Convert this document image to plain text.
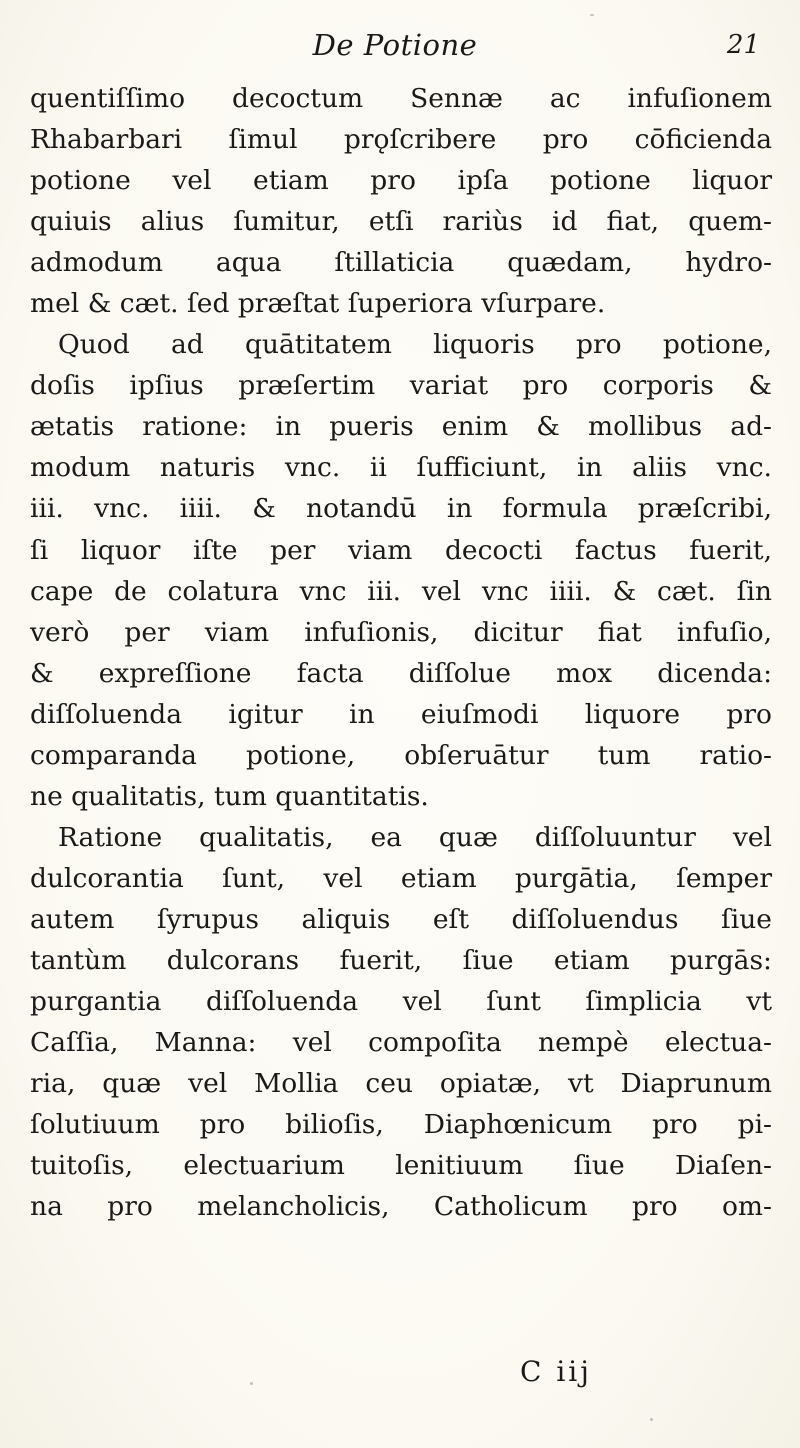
De Potione	21
quentiſſimo decoctum Sennæ ac infuſionem
Rhabarbari ſimul prǫſcribere pro cōficienda
potione vel etiam pro ipſa potione liquor
quiuis alius ſumitur, etſi rariùs id fiat, quem-
admodum aqua ſtillaticia quædam, hydro-
mel & cæt. ſed præſtat ſuperiora vſurpare.
Quod ad quātitatem liquoris pro potione,
doſis ipſius præſertim variat pro corporis &
ætatis ratione: in pueris enim & mollibus ad-
modum naturis vnc. ii ſufficiunt, in aliis vnc.
iii. vnc. iiii. & notandū in formula præſcribi,
ſi liquor iſte per viam decocti factus fuerit,
cape de colatura vnc iii. vel vnc iiii. & cæt. ſin
verò per viam infuſionis, dicitur fiat infuſio,
& expreſſione facta diſſolue mox dicenda:
diſſoluenda igitur in eiuſmodi liquore pro
comparanda potione, obſeruātur tum ratio-
ne qualitatis, tum quantitatis.
Ratione qualitatis, ea quæ diſſoluuntur vel
dulcorantia ſunt, vel etiam purgātia, ſemper
autem ſyrupus aliquis eſt diſſoluendus ſiue
tantùm dulcorans fuerit, ſiue etiam purgās:
purgantia diſſoluenda vel ſunt ſimplicia vt
Caſſia, Manna: vel compoſita nempè electua-
ria, quæ vel Mollia ceu opiatæ, vt Diaprunum
ſolutiuum pro bilioſis, Diaphœnicum pro pi-
tuitoſis, electuarium lenitiuum ſiue Diaſen-
na pro melancholicis, Catholicum pro om-
C iij
